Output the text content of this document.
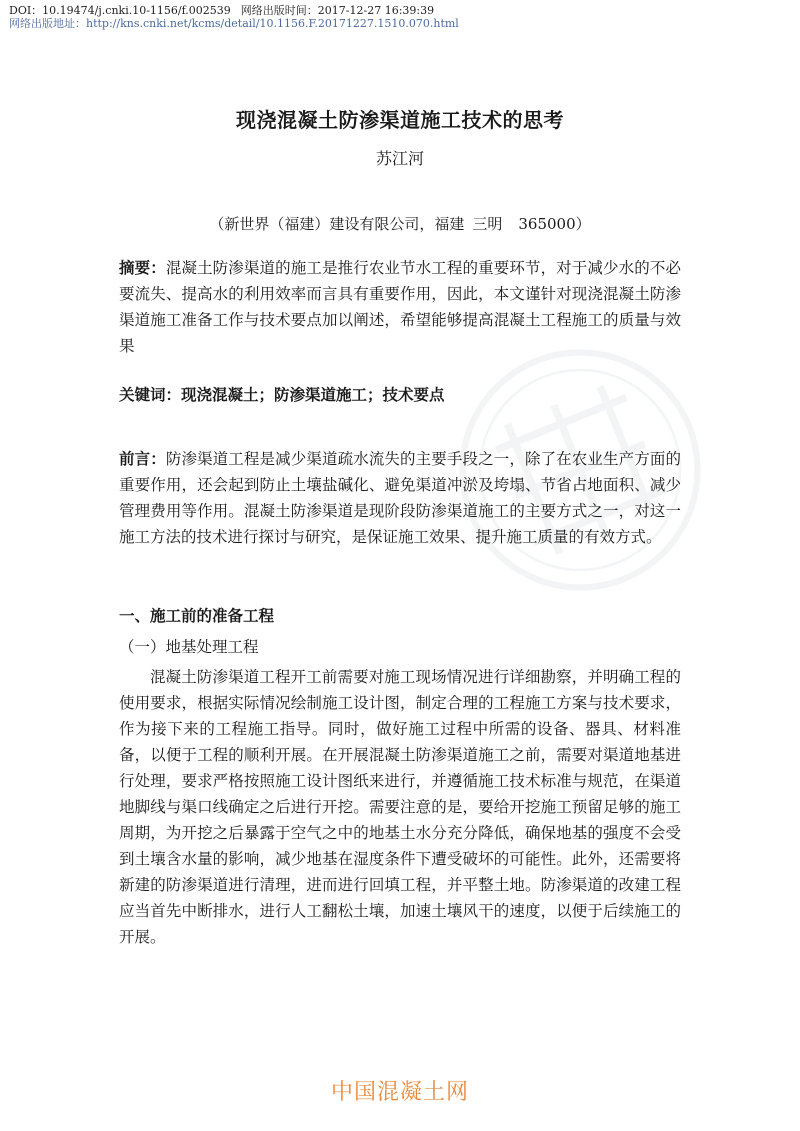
DOI：10.19474/j.cnki.10-1156/f.002539 网络出版时间：2017-12-27 16:39:39
网络出版地址：http://kns.cnki.net/kcms/detail/10.1156.F.20171227.1510.070.html
现浇混凝土防渗渠道施工技术的思考
苏江河
（新世界（福建）建设有限公司，福建 三明 365000）

摘要：混凝土防渗渠道的施工是推行农业节水工程的重要环节，对于减少水的不必要流失、提高水的利用效率而言具有重要作用，因此，本文谨针对现浇混凝土防渗渠道施工准备工作与技术要点加以阐述，希望能够提高混凝土工程施工的质量与效果

关键词：现浇混凝土；防渗渠道施工；技术要点

前言：防渗渠道工程是减少渠道疏水流失的主要手段之一，除了在农业生产方面的重要作用，还会起到防止土壤盐碱化、避免渠道冲淤及垮塌、节省占地面积、减少管理费用等作用。混凝土防渗渠道是现阶段防渗渠道施工的主要方式之一，对这一施工方法的技术进行探讨与研究，是保证施工效果、提升施工质量的有效方式。

一、施工前的准备工程

（一）地基处理工程

混凝土防渗渠道工程开工前需要对施工现场情况进行详细勘察，并明确工程的使用要求，根据实际情况绘制施工设计图，制定合理的工程施工方案与技术要求，作为接下来的工程施工指导。同时，做好施工过程中所需的设备、器具、材料准备，以便于工程的顺利开展。在开展混凝土防渗渠道施工之前，需要对渠道地基进行处理，要求严格按照施工设计图纸来进行，并遵循施工技术标准与规范，在渠道地脚线与渠口线确定之后进行开挖。需要注意的是，要给开挖施工预留足够的施工周期，为开挖之后暴露于空气之中的地基土水分充分降低，确保地基的强度不会受到土壤含水量的影响，减少地基在湿度条件下遭受破坏的可能性。此外，还需要将新建的防渗渠道进行清理，进而进行回填工程，并平整土地。防渗渠道的改建工程应当首先中断排水，进行人工翻松土壤，加速土壤风干的速度，以便于后续施工的开展。

中国混凝土网
